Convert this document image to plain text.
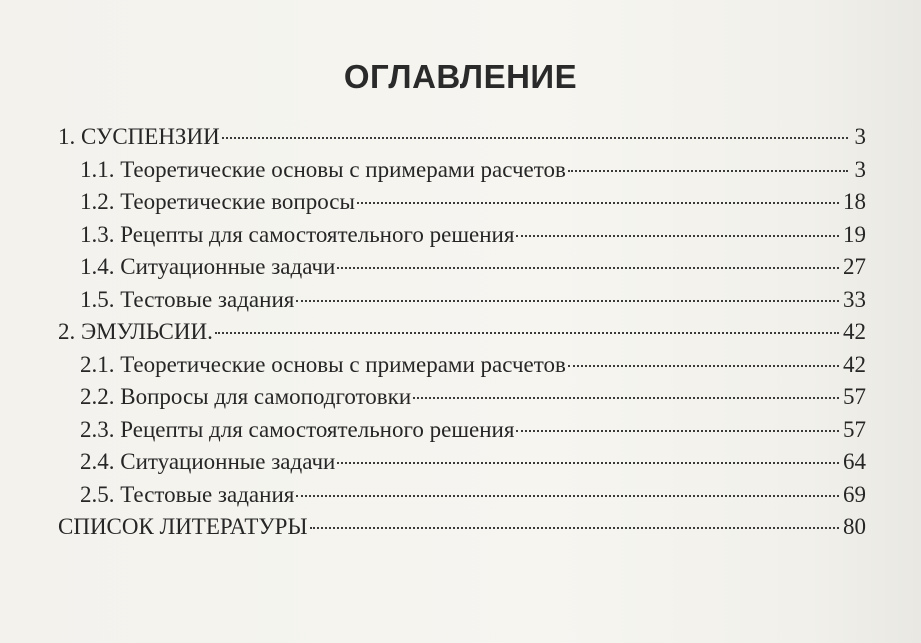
ОГЛАВЛЕНИЕ
1. СУСПЕНЗИИ	3
1.1. Теоретические основы с примерами расчетов	3
1.2. Теоретические вопросы	18
1.3. Рецепты для самостоятельного решения	19
1.4. Ситуационные задачи	27
1.5. Тестовые задания	33
2. ЭМУЛЬСИИ.	42
2.1. Теоретические основы с примерами расчетов	42
2.2. Вопросы для самоподготовки	57
2.3. Рецепты для самостоятельного решения	57
2.4. Ситуационные задачи	64
2.5. Тестовые задания	69
СПИСОК ЛИТЕРАТУРЫ	80
